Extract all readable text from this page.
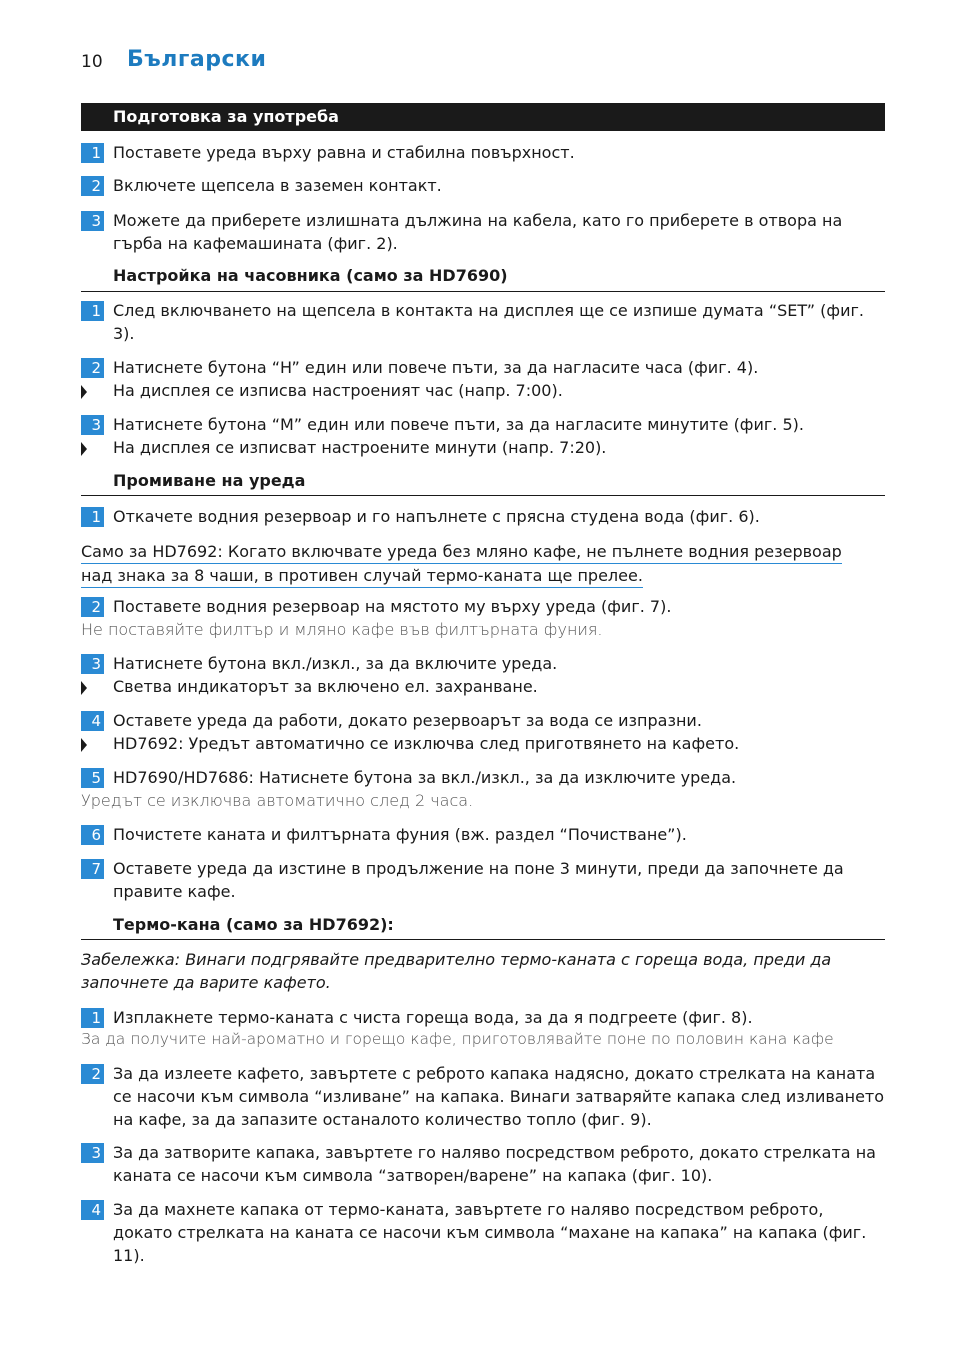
10 Български
Подготовка за употреба
1 Поставете уреда върху равна и стабилна повърхност.
2 Включете щепсела в заземен контакт.
3 Можете да приберете излишната дължина на кабела, като го приберете в отвора на гърба на кафемашината (фиг. 2).
Настройка на часовника (само за HD7690)
1 След включването на щепсела в контакта на дисплея ще се изпише думата “SET” (фиг. 3).
2 Натиснете бутона “H” един или повече пъти, за да нагласите часа (фиг. 4).
На дисплея се изписва настроеният час (напр. 7:00).
3 Натиснете бутона “M” един или повече пъти, за да нагласите минутите (фиг. 5).
На дисплея се изписват настроените минути (напр. 7:20).
Промиване на уреда
1 Откачете водния резервоар и го напълнете с прясна студена вода (фиг. 6).
Само за HD7692: Когато включвате уреда без мляно кафе, не пълнете водния резервоар
над знака за 8 чаши, в противен случай термо-каната ще прелее.
2 Поставете водния резервоар на мястото му върху уреда (фиг. 7).
Не поставяйте филтър и мляно кафе във филтърната фуния.
3 Натиснете бутона вкл./изкл., за да включите уреда.
Светва индикаторът за включено ел. захранване.
4 Оставете уреда да работи, докато резервоарът за вода се изпразни.
HD7692: Уредът автоматично се изключва след приготвянето на кафето.
5 HD7690/HD7686: Натиснете бутона за вкл./изкл., за да изключите уреда.
Уредът се изключва автоматично след 2 часа.
6 Почистете каната и филтърната фуния (вж. раздел “Почистване”).
7 Оставете уреда да изстине в продължение на поне 3 минути, преди да започнете да правите кафе.
Термо-кана (само за HD7692):
Забележка: Винаги подгрявайте предварително термо-каната с гореща вода, преди да започнете да варите кафето.
1 Изплакнете термо-каната с чиста гореща вода, за да я подгреете (фиг. 8).
За да получите най-ароматно и горещо кафе, приготовлявайте поне по половин кана кафе
2 За да излеете кафето, завъртете с реброто капака надясно, докато стрелката на каната се насочи към символа “изливане” на капака. Винаги затваряйте капака след изливането на кафе, за да запазите останалото количество топло (фиг. 9).
3 За да затворите капака, завъртете го наляво посредством реброто, докато стрелката на каната се насочи към символа “затворен/варене” на капака (фиг. 10).
4 За да махнете капака от термо-каната, завъртете го наляво посредством реброто, докато стрелката на каната се насочи към символа “махане на капака” на капака (фиг. 11).
